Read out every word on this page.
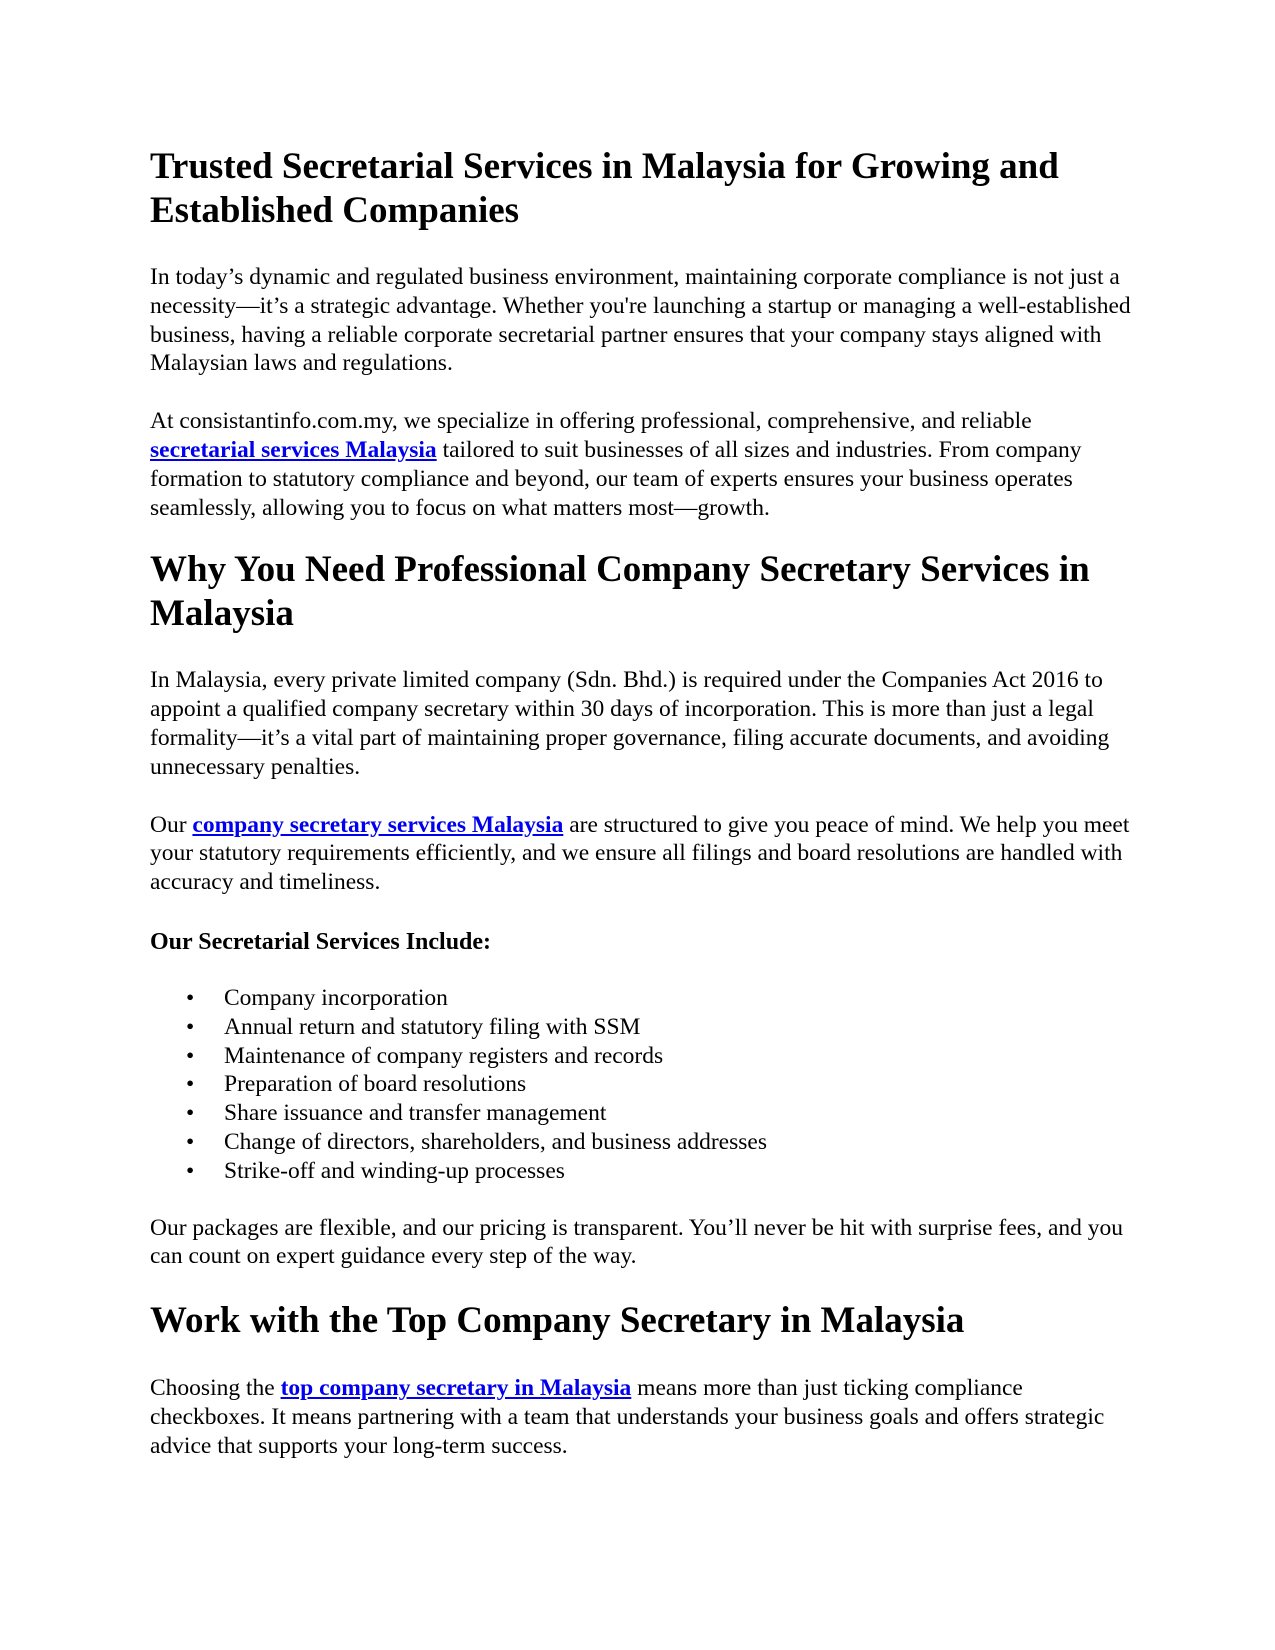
Trusted Secretarial Services in Malaysia for Growing and Established Companies

In today’s dynamic and regulated business environment, maintaining corporate compliance is not just a necessity—it’s a strategic advantage. Whether you're launching a startup or managing a well-established business, having a reliable corporate secretarial partner ensures that your company stays aligned with Malaysian laws and regulations.

At consistantinfo.com.my, we specialize in offering professional, comprehensive, and reliable secretarial services Malaysia tailored to suit businesses of all sizes and industries. From company formation to statutory compliance and beyond, our team of experts ensures your business operates seamlessly, allowing you to focus on what matters most—growth.

Why You Need Professional Company Secretary Services in Malaysia

In Malaysia, every private limited company (Sdn. Bhd.) is required under the Companies Act 2016 to appoint a qualified company secretary within 30 days of incorporation. This is more than just a legal formality—it’s a vital part of maintaining proper governance, filing accurate documents, and avoiding unnecessary penalties.

Our company secretary services Malaysia are structured to give you peace of mind. We help you meet your statutory requirements efficiently, and we ensure all filings and board resolutions are handled with accuracy and timeliness.

Our Secretarial Services Include:
• Company incorporation
• Annual return and statutory filing with SSM
• Maintenance of company registers and records
• Preparation of board resolutions
• Share issuance and transfer management
• Change of directors, shareholders, and business addresses
• Strike-off and winding-up processes

Our packages are flexible, and our pricing is transparent. You’ll never be hit with surprise fees, and you can count on expert guidance every step of the way.

Work with the Top Company Secretary in Malaysia

Choosing the top company secretary in Malaysia means more than just ticking compliance checkboxes. It means partnering with a team that understands your business goals and offers strategic advice that supports your long-term success.
